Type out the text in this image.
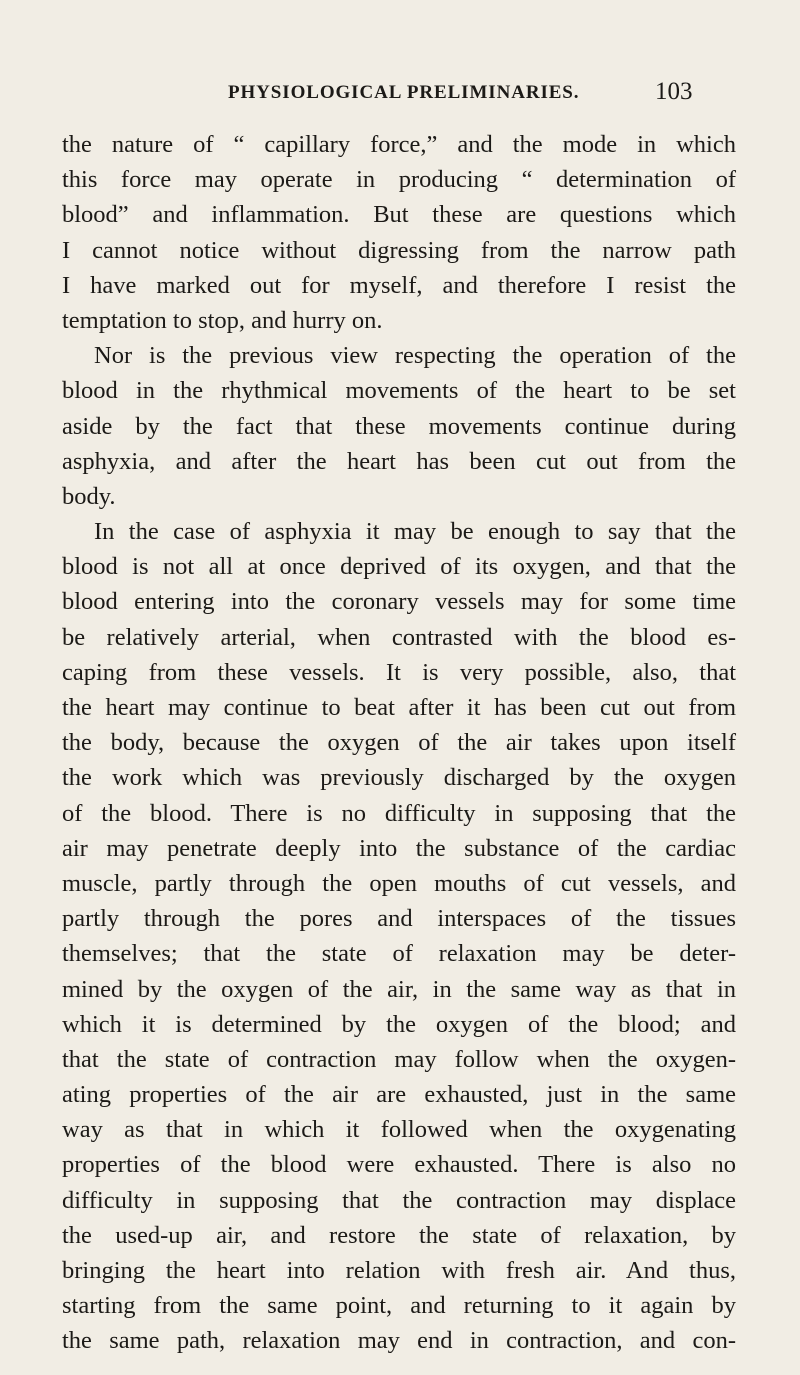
PHYSIOLOGICAL PRELIMINARIES.	103
the nature of “ capillary force,” and the mode in which
this force may operate in producing “ determination of
blood” and inflammation. But these are questions which
I cannot notice without digressing from the narrow path
I have marked out for myself, and therefore I resist the
temptation to stop, and hurry on.
Nor is the previous view respecting the operation of the
blood in the rhythmical movements of the heart to be set
aside by the fact that these movements continue during
asphyxia, and after the heart has been cut out from the
body.
In the case of asphyxia it may be enough to say that the
blood is not all at once deprived of its oxygen, and that the
blood entering into the coronary vessels may for some time
be relatively arterial, when contrasted with the blood es-
caping from these vessels. It is very possible, also, that
the heart may continue to beat after it has been cut out from
the body, because the oxygen of the air takes upon itself
the work which was previously discharged by the oxygen
of the blood. There is no difficulty in supposing that the
air may penetrate deeply into the substance of the cardiac
muscle, partly through the open mouths of cut vessels, and
partly through the pores and interspaces of the tissues
themselves; that the state of relaxation may be deter-
mined by the oxygen of the air, in the same way as that in
which it is determined by the oxygen of the blood; and
that the state of contraction may follow when the oxygen-
ating properties of the air are exhausted, just in the same
way as that in which it followed when the oxygenating
properties of the blood were exhausted. There is also no
difficulty in supposing that the contraction may displace
the used-up air, and restore the state of relaxation, by
bringing the heart into relation with fresh air. And thus,
starting from the same point, and returning to it again by
the same path, relaxation may end in contraction, and con-
